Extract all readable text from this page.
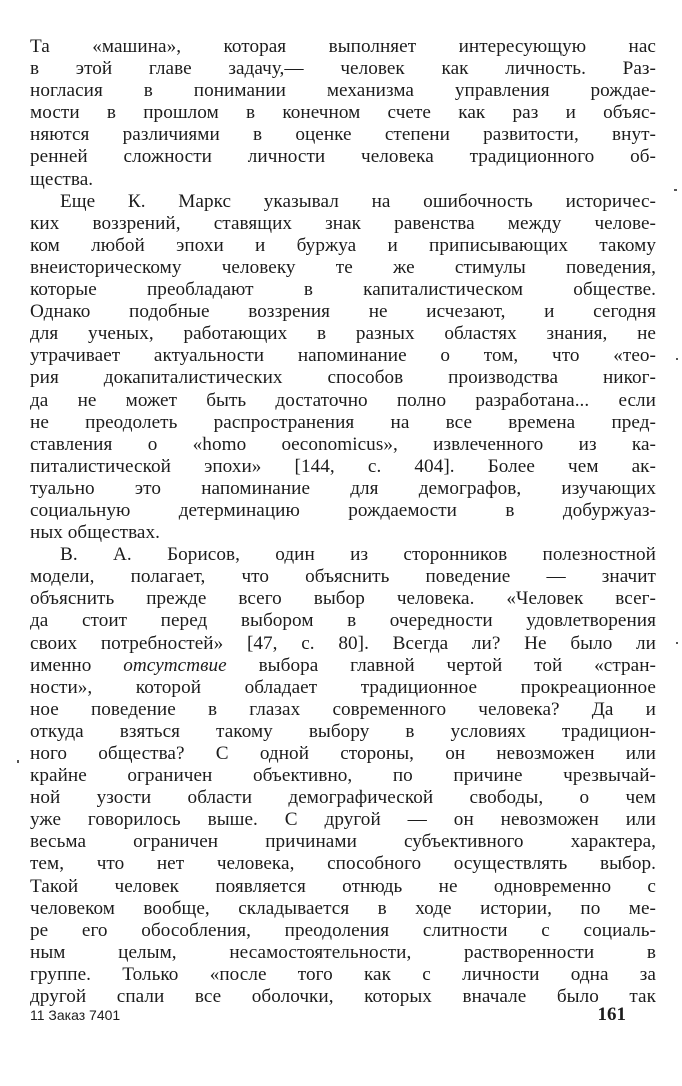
Та «машина», которая выполняет интересующую нас
в этой главе задачу,— человек как личность. Раз-
ногласия в понимании механизма управления рождае-
мости в прошлом в конечном счете как раз и объяс-
няются различиями в оценке степени развитости, внут-
ренней сложности личности человека традиционного об-
щества.
Еще К. Маркс указывал на ошибочность историчес-
ких воззрений, ставящих знак равенства между челове-
ком любой эпохи и буржуа и приписывающих такому
внеисторическому человеку те же стимулы поведения,
которые преобладают в капиталистическом обществе.
Однако подобные воззрения не исчезают, и сегодня
для ученых, работающих в разных областях знания, не
утрачивает актуальности напоминание о том, что «тео-
рия докапиталистических способов производства никог-
да не может быть достаточно полно разработана... если
не преодолеть распространения на все времена пред-
ставления о «homo oeconomicus», извлеченного из ка-
питалистической эпохи» [144, с. 404]. Более чем ак-
туально это напоминание для демографов, изучающих
социальную детерминацию рождаемости в добуржуаз-
ных обществах.
В. А. Борисов, один из сторонников полезностной
модели, полагает, что объяснить поведение — значит
объяснить прежде всего выбор человека. «Человек всег-
да стоит перед выбором в очередности удовлетворения
своих потребностей» [47, с. 80]. Всегда ли? Не было ли
именно отсутствие выбора главной чертой той «стран-
ности», которой обладает традиционное прокреационное
ное поведение в глазах современного человека? Да и
откуда взяться такому выбору в условиях традицион-
ного общества? С одной стороны, он невозможен или
крайне ограничен объективно, по причине чрезвычай-
ной узости области демографической свободы, о чем
уже говорилось выше. С другой — он невозможен или
весьма ограничен причинами субъективного характера,
тем, что нет человека, способного осуществлять выбор.
Такой человек появляется отнюдь не одновременно с
человеком вообще, складывается в ходе истории, по ме-
ре его обособления, преодоления слитности с социаль-
ным целым, несамостоятельности, растворенности в
группе. Только «после того как с личности одна за
другой спали все оболочки, которых вначале было так
11 Заказ 7401	161
